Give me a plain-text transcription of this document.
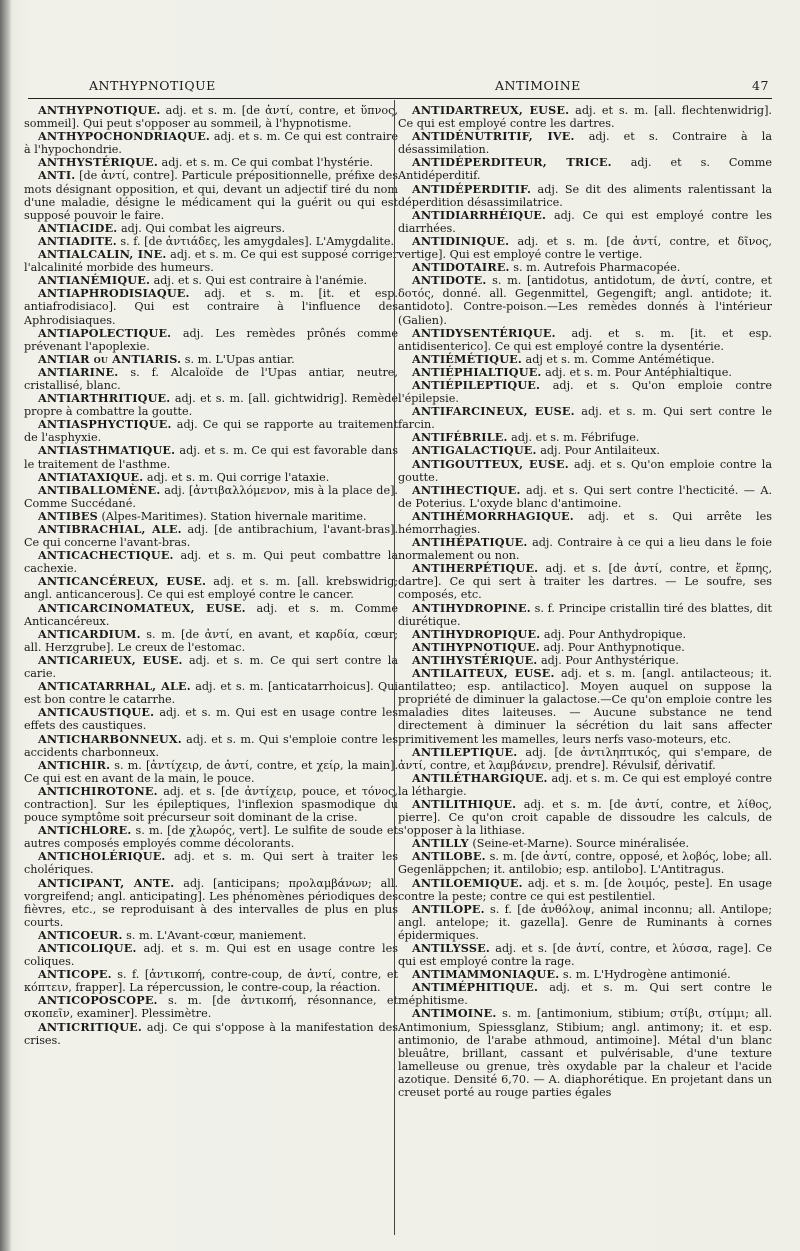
ANTHYPNOTIQUE	ANTIMOINE	47

ANTHYPNOTIQUE. adj. et s. m. [de ἀντί, contre, et ὕπνος, sommeil]. Qui peut s'opposer au sommeil, à l'hypnotisme.

ANTHYPOCHONDRIAQUE. adj. et s. m. Ce qui est contraire à l'hypochondrie.

ANTHYSTÉRIQUE. adj. et s. m. Ce qui combat l'hystérie.

ANTI. [de ἀντί, contre]. Particule prépositionnelle, préfixe des mots désignant opposition, et qui, devant un adjectif tiré du nom d'une maladie, désigne le médicament qui la guérit ou qui est supposé pouvoir le faire.

ANTIACIDE. adj. Qui combat les aigreurs.

ANTIADITE. s. f. [de ἀντιάδες, les amygdales]. L'Amygdalite.

ANTIALCALIN, INE. adj. et s. m. Ce qui est supposé corriger l'alcalinité morbide des humeurs.

ANTIANÉMIQUE. adj. et s. Qui est contraire à l'anémie.

ANTIAPHRODISIAQUE. adj. et s. m. [it. et esp. antiafrodisiaco]. Qui est contraire à l'influence des Aphrodisiaques.

ANTIAPOLECTIQUE. adj. Les remèdes prônés comme prévenant l'apoplexie.

ANTIAR ou ANTIARIS. s. m. L'Upas antiar.

ANTIARINE. s. f. Alcaloïde de l'Upas antiar, neutre, cristallisé, blanc.

ANTIARTHRITIQUE. adj. et s. m. [all. gichtwidrig]. Remède propre à combattre la goutte.

ANTIASPHYCTIQUE. adj. Ce qui se rapporte au traitement de l'asphyxie.

ANTIASTHMATIQUE. adj. et s. m. Ce qui est favorable dans le traitement de l'asthme.

ANTIATAXIQUE. adj. et s. m. Qui corrige l'ataxie.

ANTIBALLOMÈNE. adj. [ἀντιβαλλόμενον, mis à la place de]. Comme Succédané.

ANTIBES (Alpes-Maritimes). Station hivernale maritime.

ANTIBRACHIAL, ALE. adj. [de antibrachium, l'avant-bras]. Ce qui concerne l'avant-bras.

ANTICACHECTIQUE. adj. et s. m. Qui peut combattre la cachexie.

ANTICANCÉREUX, EUSE. adj. et s. m. [all. krebswidrig; angl. anticancerous]. Ce qui est employé contre le cancer.

ANTICARCINOMATEUX, EUSE. adj. et s. m. Comme Anticancéreux.

ANTICARDIUM. s. m. [de ἀντί, en avant, et καρδία, cœur; all. Herzgrube]. Le creux de l'estomac.

ANTICARIEUX, EUSE. adj. et s. m. Ce qui sert contre la carie.

ANTICATARRHAL, ALE. adj. et s. m. [anticatarrhoicus]. Qui est bon contre le catarrhe.

ANTICAUSTIQUE. adj. et s. m. Qui est en usage contre les effets des caustiques.

ANTICHARBONNEUX. adj. et s. m. Qui s'emploie contre les accidents charbonneux.

ANTICHIR. s. m. [ἀντίχειρ, de ἀντί, contre, et χείρ, la main]. Ce qui est en avant de la main, le pouce.

ANTICHIROTONE. adj. et s. [de ἀντίχειρ, pouce, et τόνος, contraction]. Sur les épileptiques, l'inflexion spasmodique du pouce symptôme soit précurseur soit dominant de la crise.

ANTICHLORE. s. m. [de χλωρός, vert]. Le sulfite de soude et autres composés employés comme décolorants.

ANTICHOLÉRIQUE. adj. et s. m. Qui sert à traiter les cholériques.

ANTICIPANT, ANTE. adj. [anticipans; προλαμβάνων; all. vorgreifend; angl. anticipating]. Les phénomènes périodiques des fièvres, etc., se reproduisant à des intervalles de plus en plus courts.

ANTICOEUR. s. m. L'Avant-cœur, maniement.

ANTICOLIQUE. adj. et s. m. Qui est en usage contre les coliques.

ANTICOPE. s. f. [ἀντικοπή, contre-coup, de ἀντί, contre, et κόπτειν, frapper]. La répercussion, le contre-coup, la réaction.

ANTICOPOSCOPE. s. m. [de ἀντικοπή, résonnance, et σκοπεῖν, examiner]. Plessimètre.

ANTICRITIQUE. adj. Ce qui s'oppose à la manifestation des crises.

ANTIDARTREUX, EUSE. adj. et s. m. [all. flechtenwidrig]. Ce qui est employé contre les dartres.

ANTIDÉNUTRITIF, IVE. adj. et s. Contraire à la désassimilation.

ANTIDÉPERDITEUR, TRICE. adj. et s. Comme Antidéperditif.

ANTIDÉPERDITIF. adj. Se dit des aliments ralentissant la déperdition désassimilatrice.

ANTIDIARRHÉIQUE. adj. Ce qui est employé contre les diarrhées.

ANTIDINIQUE. adj. et s. m. [de ἀντί, contre, et δῖνος, vertige]. Qui est employé contre le vertige.

ANTIDOTAIRE. s. m. Autrefois Pharmacopée.

ANTIDOTE. s. m. [antidotus, antidotum, de ἀντί, contre, et δοτός, donné. all. Gegenmittel, Gegengift; angl. antidote; it. antidoto]. Contre-poison.—Les remèdes donnés à l'intérieur (Galien).

ANTIDYSENTÉRIQUE. adj. et s. m. [it. et esp. antidisenterico]. Ce qui est employé contre la dysentérie.

ANTIÉMÉTIQUE. adj et s. m. Comme Antémétique.

ANTIÉPHIALTIQUE. adj. et s. m. Pour Antéphialtique.

ANTIÉPILEPTIQUE. adj. et s. Qu'on emploie contre l'épilepsie.

ANTIFARCINEUX, EUSE. adj. et s. m. Qui sert contre le farcin.

ANTIFÉBRILE. adj. et s. m. Fébrifuge.

ANTIGALACTIQUE. adj. Pour Antilaiteux.

ANTIGOUTTEUX, EUSE. adj. et s. Qu'on emploie contre la goutte.

ANTIHECTIQUE. adj. et s. Qui sert contre l'hecticité. — A. de Poterius. L'oxyde blanc d'antimoine.

ANTIHÉMORRHAGIQUE. adj. et s. Qui arrête les hémorrhagies.

ANTIHÉPATIQUE. adj. Contraire à ce qui a lieu dans le foie normalement ou non.

ANTIHERPÉTIQUE. adj. et s. [de ἀντί, contre, et ἕρπης, dartre]. Ce qui sert à traiter les dartres. — Le soufre, ses composés, etc.

ANTIHYDROPINE. s. f. Principe cristallin tiré des blattes, dit diurétique.

ANTIHYDROPIQUE. adj. Pour Anthydropique.

ANTIHYPNOTIQUE. adj. Pour Anthypnotique.

ANTIHYSTÉRIQUE. adj. Pour Anthystérique.

ANTILAITEUX, EUSE. adj. et s. m. [angl. antilacteous; it. antilatteo; esp. antilactico]. Moyen auquel on suppose la propriété de diminuer la galactose.—Ce qu'on emploie contre les maladies dites laiteuses. — Aucune substance ne tend directement à diminuer la sécrétion du lait sans affecter primitivement les mamelles, leurs nerfs vaso-moteurs, etc.

ANTILEPTIQUE. adj. [de ἀντιληπτικός, qui s'empare, de ἀντί, contre, et λαμβάνειν, prendre]. Révulsif, dérivatif.

ANTILÉTHARGIQUE. adj. et s. m. Ce qui est employé contre la léthargie.

ANTILITHIQUE. adj. et s. m. [de ἀντί, contre, et λίθος, pierre]. Ce qu'on croit capable de dissoudre les calculs, de s'opposer à la lithiase.

ANTILLY (Seine-et-Marne). Source minéralisée.

ANTILOBE. s. m. [de ἀντί, contre, opposé, et λοβός, lobe; all. Gegenläppchen; it. antilobio; esp. antilobo]. L'Antitragus.

ANTILOEMIQUE. adj. et s. m. [de λοιμός, peste]. En usage contre la peste; contre ce qui est pestilentiel.

ANTILOPE. s. f. [de ἀνθόλοψ, animal inconnu; all. Antilope; angl. antelope; it. gazella]. Genre de Ruminants à cornes épidermiques.

ANTILYSSE. adj. et s. [de ἀντί, contre, et λύσσα, rage]. Ce qui est employé contre la rage.

ANTIMAMMONIAQUE. s. m. L'Hydrogène antimonié.

ANTIMÉPHITIQUE. adj. et s. m. Qui sert contre le méphitisme.

ANTIMOINE. s. m. [antimonium, stibium; στίβι, στίμμι; all. Antimonium, Spiessglanz, Stibium; angl. antimony; it. et esp. antimonio, de l'arabe athmoud, antimoine]. Métal d'un blanc bleuâtre, brillant, cassant et pulvérisable, d'une texture lamelleuse ou grenue, très oxydable par la chaleur et l'acide azotique. Densité 6,70. — A. diaphorétique. En projetant dans un creuset porté au rouge parties égales
